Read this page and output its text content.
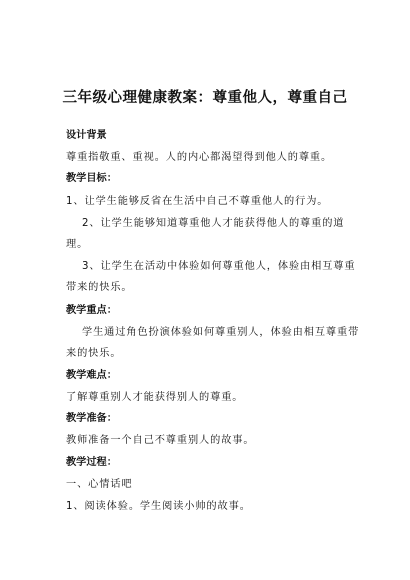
三年级心理健康教案：尊重他人，尊重自己
设计背景
尊重指敬重、重视。人的内心都渴望得到他人的尊重。
教学目标：
1、让学生能够反省在生活中自己不尊重他人的行为。
2、让学生能够知道尊重他人才能获得他人的尊重的道
理。
3、让学生在活动中体验如何尊重他人，体验由相互尊重
带来的快乐。
教学重点：
学生通过角色扮演体验如何尊重别人，体验由相互尊重带
来的快乐。
教学难点：
了解尊重别人才能获得别人的尊重。
教学准备：
教师准备一个自己不尊重别人的故事。
教学过程：
一、心情话吧
1、阅读体验。学生阅读小帅的故事。
